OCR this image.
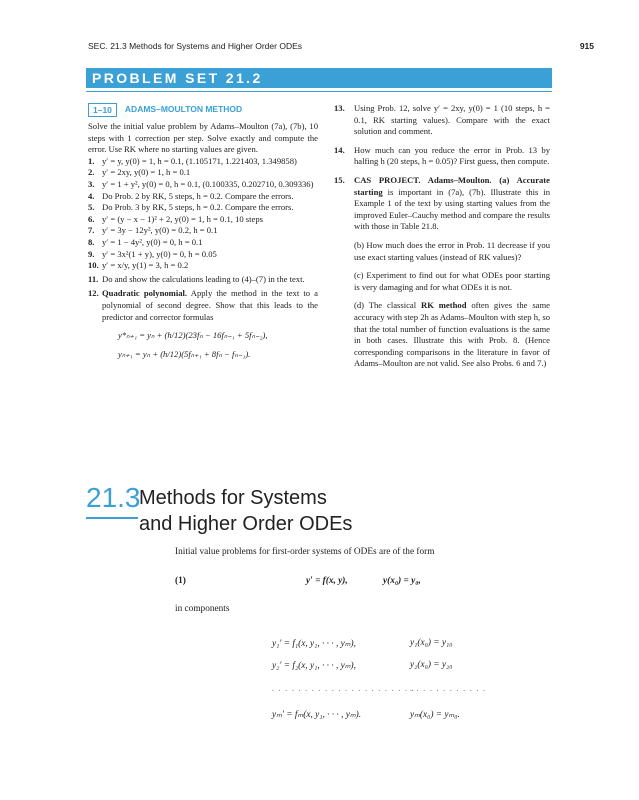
SEC. 21.3 Methods for Systems and Higher Order ODEs	915
PROBLEM SET 21.2
1–10	ADAMS–MOULTON METHOD

Solve the initial value problem by Adams–Moulton (7a), (7b), 10 steps with 1 correction per step. Solve exactly and compute the error. Use RK where no starting values are given.

1. y′ = y, y(0) = 1, h = 0.1, (1.105171, 1.221403, 1.349858)
2. y′ = 2xy, y(0) = 1, h = 0.1
3. y′ = 1 + y², y(0) = 0, h = 0.1, (0.100335, 0.202710, 0.309336)
4. Do Prob. 2 by RK, 5 steps, h = 0.2. Compare the errors.
5. Do Prob. 3 by RK, 5 steps, h = 0.2. Compare the errors.
6. y′ = (y − x − 1)² + 2, y(0) = 1, h = 0.1, 10 steps
7. y′ = 3y − 12y², y(0) = 0.2, h = 0.1
8. y′ = 1 − 4y², y(0) = 0, h = 0.1
9. y′ = 3x²(1 + y), y(0) = 0, h = 0.05
10. y′ = x/y, y(1) = 3, h = 0.2
11. Do and show the calculations leading to (4)–(7) in the text.
12. Quadratic polynomial. Apply the method in the text to a polynomial of second degree. Show that this leads to the predictor and corrector formulas
y*ₙ₊₁ = yₙ + (h/12)(23fₙ − 16fₙ₋₁ + 5fₙ₋₂),
yₙ₊₁ = yₙ + (h/12)(5fₙ₊₁ + 8fₙ − fₙ₋₁).
13.	Using Prob. 12, solve y′ = 2xy, y(0) = 1 (10 steps, h = 0.1, RK starting values). Compare with the exact solution and comment.
14.	How much can you reduce the error in Prob. 13 by halfing h (20 steps, h = 0.05)? First guess, then compute.
15.	CAS PROJECT. Adams–Moulton. (a) Accurate starting is important in (7a), (7b). Illustrate this in Example 1 of the text by using starting values from the improved Euler–Cauchy method and compare the results with those in Table 21.8.

(b) How much does the error in Prob. 11 decrease if you use exact starting values (instead of RK values)?

(c) Experiment to find out for what ODEs poor starting is very damaging and for what ODEs it is not.

(d) The classical RK method often gives the same accuracy with step 2h as Adams–Moulton with step h, so that the total number of function evaluations is the same in both cases. Illustrate this with Prob. 8. (Hence corresponding comparisons in the literature in favor of Adams–Moulton are not valid. See also Probs. 6 and 7.)

21.3
Methods for Systems
and Higher Order ODEs
Initial value problems for first-order systems of ODEs are of the form
(1)	y′ = f(x, y),	y(x₀) = y₀,
in components
y₁′ = f₁(x, y₁, · · · , yₘ),	y₁(x₀) = y₁₀
y₂′ = f₂(x, y₁, · · · , yₘ),	y₂(x₀) = y₂₀
. . . . . . . . . . . . . . . . . . . . . .
. . . . . . . . . . . .
yₘ′ = fₘ(x, y₁, · · · , yₘ).	yₘ(x₀) = yₘ₀.
